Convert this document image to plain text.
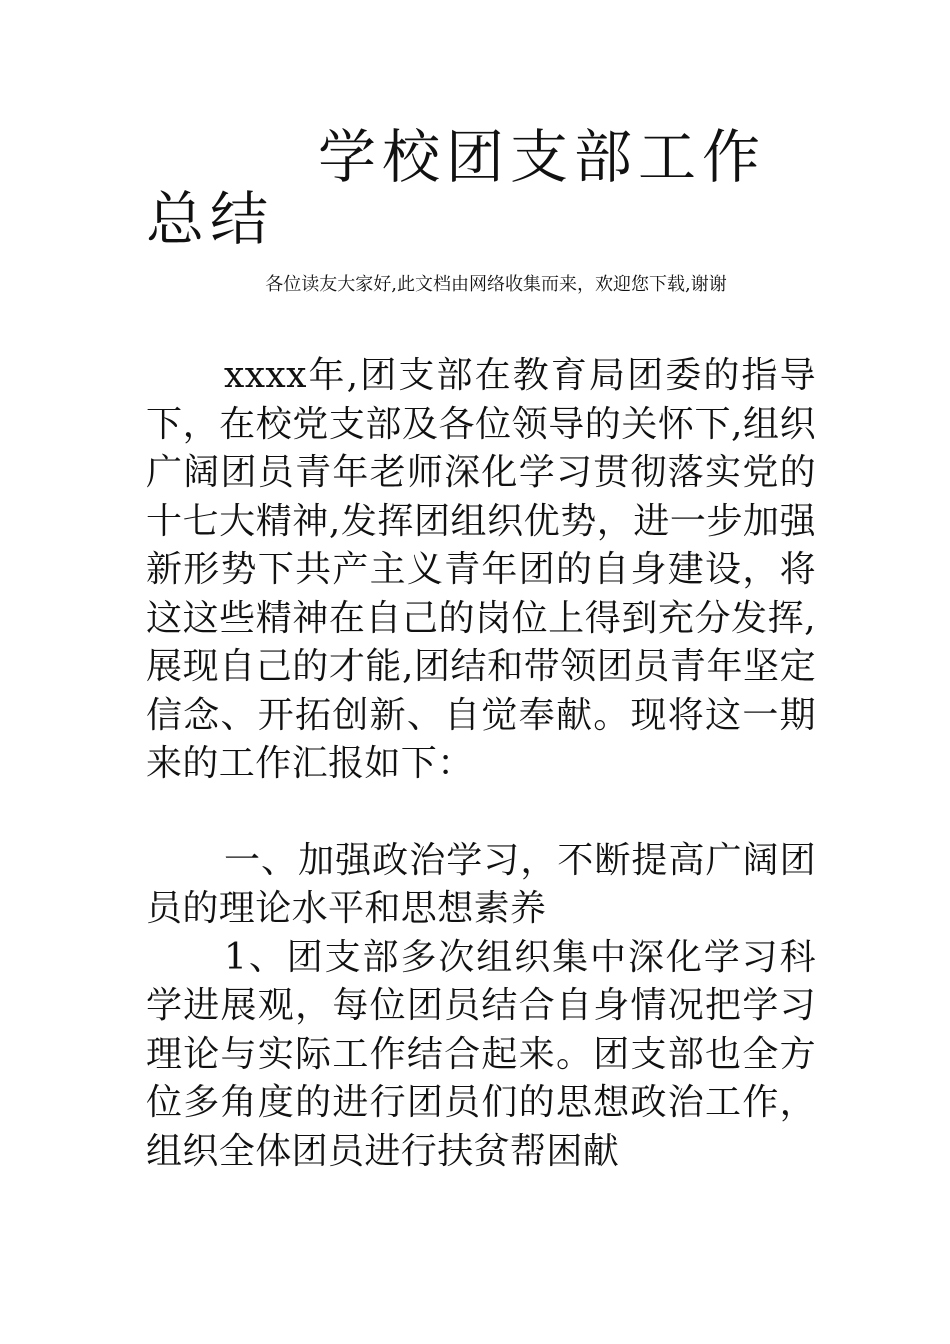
学校团支部工作总结
各位读友大家好,此文档由网络收集而来，欢迎您下载,谢谢

xxxx年,团支部在教育局团委的指导下，在校党支部及各位领导的关怀下,组织广阔团员青年老师深化学习贯彻落实党的十七大精神,发挥团组织优势，进一步加强新形势下共产主义青年团的自身建设，将这这些精神在自己的岗位上得到充分发挥,展现自己的才能,团结和带领团员青年坚定信念、开拓创新、自觉奉献。现将这一期来的工作汇报如下：

一、加强政治学习，不断提高广阔团员的理论水平和思想素养

1、团支部多次组织集中深化学习科学进展观，每位团员结合自身情况把学习理论与实际工作结合起来。团支部也全方位多角度的进行团员们的思想政治工作，组织全体团员进行扶贫帮困献
